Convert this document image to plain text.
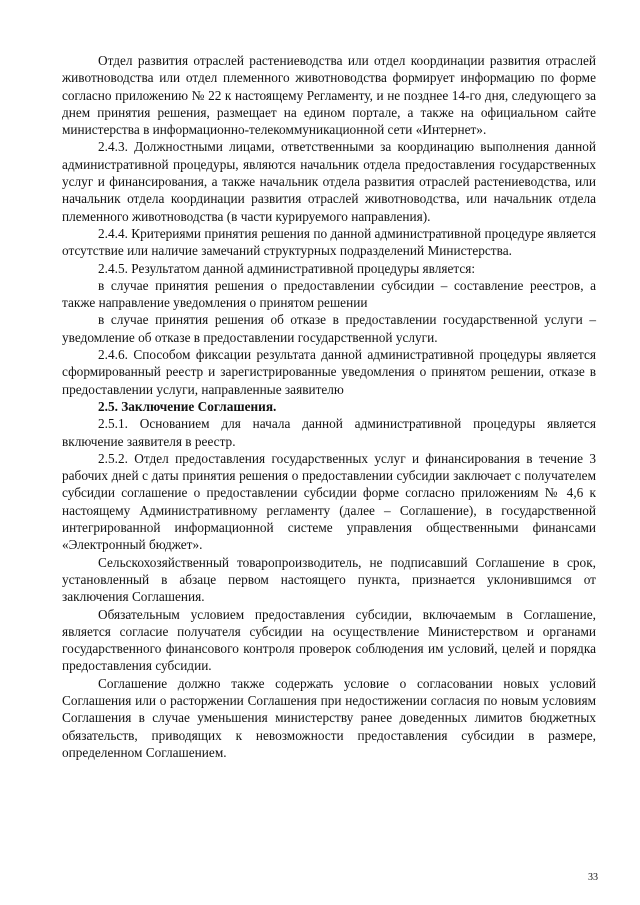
Отдел развития отраслей растениеводства или отдел координации развития отраслей животноводства или отдел племенного животноводства формирует информацию по форме согласно приложению № 22 к настоящему Регламенту, и не позднее 14-го дня, следующего за днем принятия решения, размещает на едином портале, а также на официальном сайте министерства в информационно-телекоммуникационной сети «Интернет».

2.4.3. Должностными лицами, ответственными за координацию выполнения данной административной процедуры, являются начальник отдела предоставления государственных услуг и финансирования, а также начальник отдела развития отраслей растениеводства, или начальник отдела координации развития отраслей животноводства, или начальник отдела племенного животноводства (в части курируемого направления).

2.4.4. Критериями принятия решения по данной административной процедуре является отсутствие или наличие замечаний структурных подразделений Министерства.

2.4.5. Результатом данной административной процедуры является:

в случае принятия решения о предоставлении субсидии – составление реестров, а также направление уведомления о принятом решении

в случае принятия решения об отказе в предоставлении государственной услуги – уведомление об отказе в предоставлении государственной услуги.

2.4.6. Способом фиксации результата данной административной процедуры является сформированный реестр и зарегистрированные уведомления о принятом решении, отказе в предоставлении услуги, направленные заявителю

2.5. Заключение Соглашения.

2.5.1. Основанием для начала данной административной процедуры является включение заявителя в реестр.

2.5.2. Отдел предоставления государственных услуг и финансирования в течение 3 рабочих дней с даты принятия решения о предоставлении субсидии заключает с получателем субсидии соглашение о предоставлении субсидии форме согласно приложениям № 4,6 к настоящему Административному регламенту (далее – Соглашение), в государственной интегрированной информационной системе управления общественными финансами «Электронный бюджет».

Сельскохозяйственный товаропроизводитель, не подписавший Соглашение в срок, установленный в абзаце первом настоящего пункта, признается уклонившимся от заключения Соглашения.

Обязательным условием предоставления субсидии, включаемым в Соглашение, является согласие получателя субсидии на осуществление Министерством и органами государственного финансового контроля проверок соблюдения им условий, целей и порядка предоставления субсидии.

Соглашение должно также содержать условие о согласовании новых условий Соглашения или о расторжении Соглашения при недостижении согласия по новым условиям Соглашения в случае уменьшения министерству ранее доведенных лимитов бюджетных обязательств, приводящих к невозможности предоставления субсидии в размере, определенном Соглашением.

33
